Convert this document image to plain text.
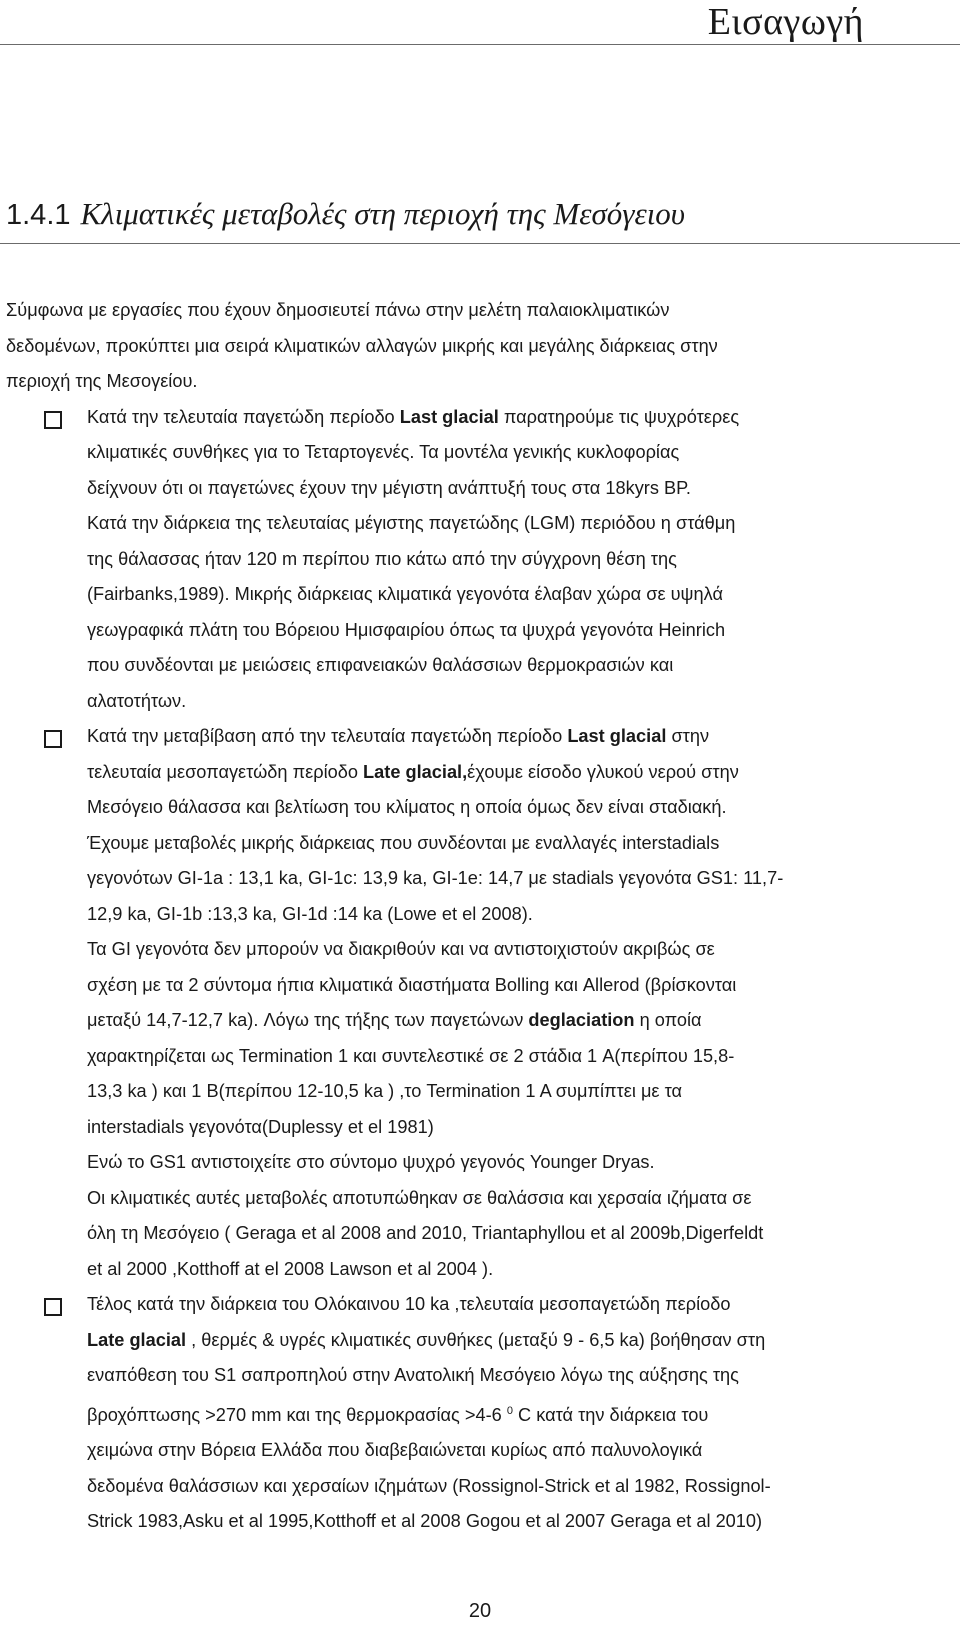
Εισαγωγή
1.4.1 Κλιματικές μεταβολές στη περιοχή της Μεσόγειου
Σύμφωνα με εργασίες που έχουν δημοσιευτεί πάνω στην μελέτη παλαιοκλιματικών
δεδομένων, προκύπτει μια σειρά κλιματικών αλλαγών μικρής και μεγάλης διάρκειας στην
περιοχή της Μεσογείου.
Κατά την τελευταία παγετώδη περίοδο Last glacial παρατηρούμε τις ψυχρότερες
κλιματικές συνθήκες για το Τεταρτογενές. Τα μοντέλα γενικής κυκλοφορίας
δείχνουν ότι οι παγετώνες έχουν την μέγιστη ανάπτυξή τους στα 18kyrs BP.
Κατά την διάρκεια της τελευταίας μέγιστης παγετώδης (LGM) περιόδου η στάθμη
της θάλασσας ήταν 120 m περίπου πιο κάτω από την σύγχρονη θέση της
(Fairbanks,1989). Μικρής διάρκειας κλιματικά γεγονότα έλαβαν χώρα σε υψηλά
γεωγραφικά πλάτη του Βόρειου Ημισφαιρίου όπως τα ψυχρά γεγονότα Heinrich
που συνδέονται με μειώσεις επιφανειακών θαλάσσιων θερμοκρασιών και
αλατοτήτων.
Κατά την μεταβίβαση από την τελευταία παγετώδη περίοδο Last glacial στην
τελευταία μεσοπαγετώδη περίοδο Late glacial,έχουμε είσοδο γλυκού νερού στην
Μεσόγειο θάλασσα και βελτίωση του κλίματος η οποία όμως δεν είναι σταδιακή.
Έχουμε μεταβολές μικρής διάρκειας που συνδέονται με εναλλαγές interstadials
γεγονότων GI-1a : 13,1 ka, GI-1c: 13,9 ka, GI-1e: 14,7 με stadials γεγονότα GS1: 11,7-
12,9 ka, GI-1b :13,3 ka, GI-1d :14 ka (Lowe et el 2008).
Τα GI γεγονότα δεν μπορούν να διακριθούν και να αντιστοιχιστούν ακριβώς σε
σχέση με τα 2 σύντομα ήπια κλιματικά διαστήματα Bolling και Allerod (βρίσκονται
μεταξύ 14,7-12,7 ka). Λόγω της τήξης των παγετώνων deglaciation η οποία
χαρακτηρίζεται ως Termination 1 και συντελεστικέ σε 2 στάδια 1 A(περίπου 15,8-
13,3 ka ) και 1 B(περίπου 12-10,5 ka ) ,το Termination 1 A συμπίπτει με τα
interstadials γεγονότα(Duplessy et el 1981)
Ενώ το GS1 αντιστοιχείτε στο σύντομο ψυχρό γεγονός Younger Dryas.
Οι κλιματικές αυτές μεταβολές αποτυπώθηκαν σε θαλάσσια και χερσαία ιζήματα σε
όλη τη Μεσόγειο ( Geraga et al 2008 and 2010, Triantaphyllou et al 2009b,Digerfeldt
et al 2000 ,Kotthoff at el 2008 Lawson et al 2004 ).
Τέλος κατά την διάρκεια του Ολόκαινου 10 ka ,τελευταία μεσοπαγετώδη περίοδο
Late glacial , θερμές & υγρές κλιματικές συνθήκες (μεταξύ 9 - 6,5 ka) βοήθησαν στη
εναπόθεση του S1 σαπροπηλού στην Ανατολική Μεσόγειο λόγω της αύξησης της
βροχόπτωσης >270 mm και της θερμοκρασίας >4-6 $^0$ C κατά την διάρκεια του
χειμώνα στην Βόρεια Ελλάδα που διαβεβαιώνεται κυρίως από παλυνολογικά
δεδομένα θαλάσσιων και χερσαίων ιζημάτων (Rossignol-Strick et al 1982, Rossignol-
Strick 1983,Asku et al 1995,Kotthoff et al 2008 Gogou et al 2007 Geraga et al 2010)
20
